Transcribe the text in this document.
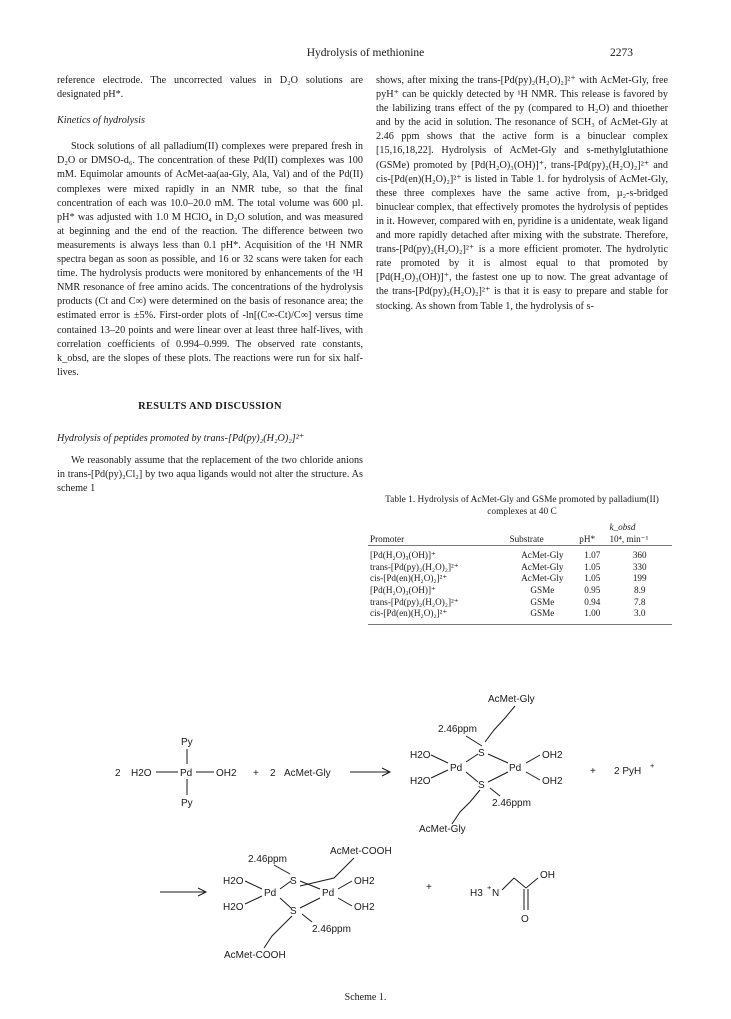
Hydrolysis of methionine	2273

reference electrode. The uncorrected values in D₂O solutions are designated pH*.

Kinetics of hydrolysis

Stock solutions of all palladium(II) complexes were prepared fresh in D₂O or DMSO-d₆. The concentration of these Pd(II) complexes was 100 mM. Equimolar amounts of AcMet-aa(aa-Gly, Ala, Val) and of the Pd(II) complexes were mixed rapidly in an NMR tube, so that the final concentration of each was 10.0–20.0 mM. The total volume was 600 µl. pH* was adjusted with 1.0 M HClO₄ in D₂O solution, and was measured at beginning and the end of the reaction. The difference between two measurements is always less than 0.1 pH*. Acquisition of the ¹H NMR spectra began as soon as possible, and 16 or 32 scans were taken for each time. The hydrolysis products were monitored by enhancements of the ¹H NMR resonance of free amino acids. The concentrations of the hydrolysis products (Ct and C∞) were determined on the basis of resonance area; the estimated error is ±5%. First-order plots of -ln[(C∞-Ct)/C∞] versus time contained 13–20 points and were linear over at least three half-lives, with correlation coefficients of 0.994–0.999. The observed rate constants, k_obsd, are the slopes of these plots. The reactions were run for six half-lives.

RESULTS AND DISCUSSION

Hydrolysis of peptides promoted by trans-[Pd(py)₂(H₂O)₂]²⁺

We reasonably assume that the replacement of the two chloride anions in trans-[Pd(py)₂Cl₂] by two aqua ligands would not alter the structure. As scheme 1

shows, after mixing the trans-[Pd(py)₂(H₂O)₂]²⁺ with AcMet-Gly, free pyH⁺ can be quickly detected by ¹H NMR. This release is favored by the labilizing trans effect of the py (compared to H₂O) and thioether and by the acid in solution. The resonance of SCH₃ of AcMet-Gly at 2.46 ppm shows that the active form is a binuclear complex [15,16,18,22]. Hydrolysis of AcMet-Gly and s-methylglutathione (GSMe) promoted by [Pd(H₂O)₃(OH)]⁺, trans-[Pd(py)₂(H₂O)₂]²⁺ and cis-[Pd(en)(H₂O)₂]²⁺ is listed in Table 1. for hydrolysis of AcMet-Gly, these three complexes have the same active from, µ₂-s-bridged binuclear complex, that effectively promotes the hydrolysis of peptides in it. However, compared with en, pyridine is a unidentate, weak ligand and more rapidly detached after mixing with the substrate. Therefore, trans-[Pd(py)₂(H₂O)₂]²⁺ is a more efficient promoter. The hydrolytic rate promoted by it is almost equal to that promoted by [Pd(H₂O)₃(OH)]⁺, the fastest one up to now. The great advantage of the trans-[Pd(py)₂(H₂O)₂]²⁺ is that it is easy to prepare and stable for stocking. As shown from Table 1, the hydrolysis of s-

Table 1. Hydrolysis of AcMet-Gly and GSMe promoted by palladium(II) complexes at 40 C
Promoter	Substrate	pH*	k_obsd
10⁴, min⁻¹

[Pd(H₂O)₃(OH)]⁺	AcMet-Gly	1.07	360
trans-[Pd(py)₂(H₂O)₂]²⁺	AcMet-Gly	1.05	330
cis-[Pd(en)(H₂O)₂]²⁺	AcMet-Gly	1.05	199
[Pd(H₂O)₃(OH)]⁺	GSMe	0.95	8.9
trans-[Pd(py)₂(H₂O)₂]²⁺	GSMe	0.94	7.8
cis-[Pd(en)(H₂O)₂]²⁺	GSMe	1.00	3.0
2 H2O	Pd OH2
Py
Py
+ 2 AcMet-Gly
AcMet-Gly
2.46ppm
S
H2O
H2O
Pd	Pd
OH2
OH2
S
2.46ppm
AcMet-Gly
+ 2 PyH
+
AcMet-COOH
2.46ppm
S
H2O
H2O
Pd	Pd
OH2
OH2
S
2.46ppm
AcMet-COOH
+
H3
+
N
OH
O
Scheme 1.
